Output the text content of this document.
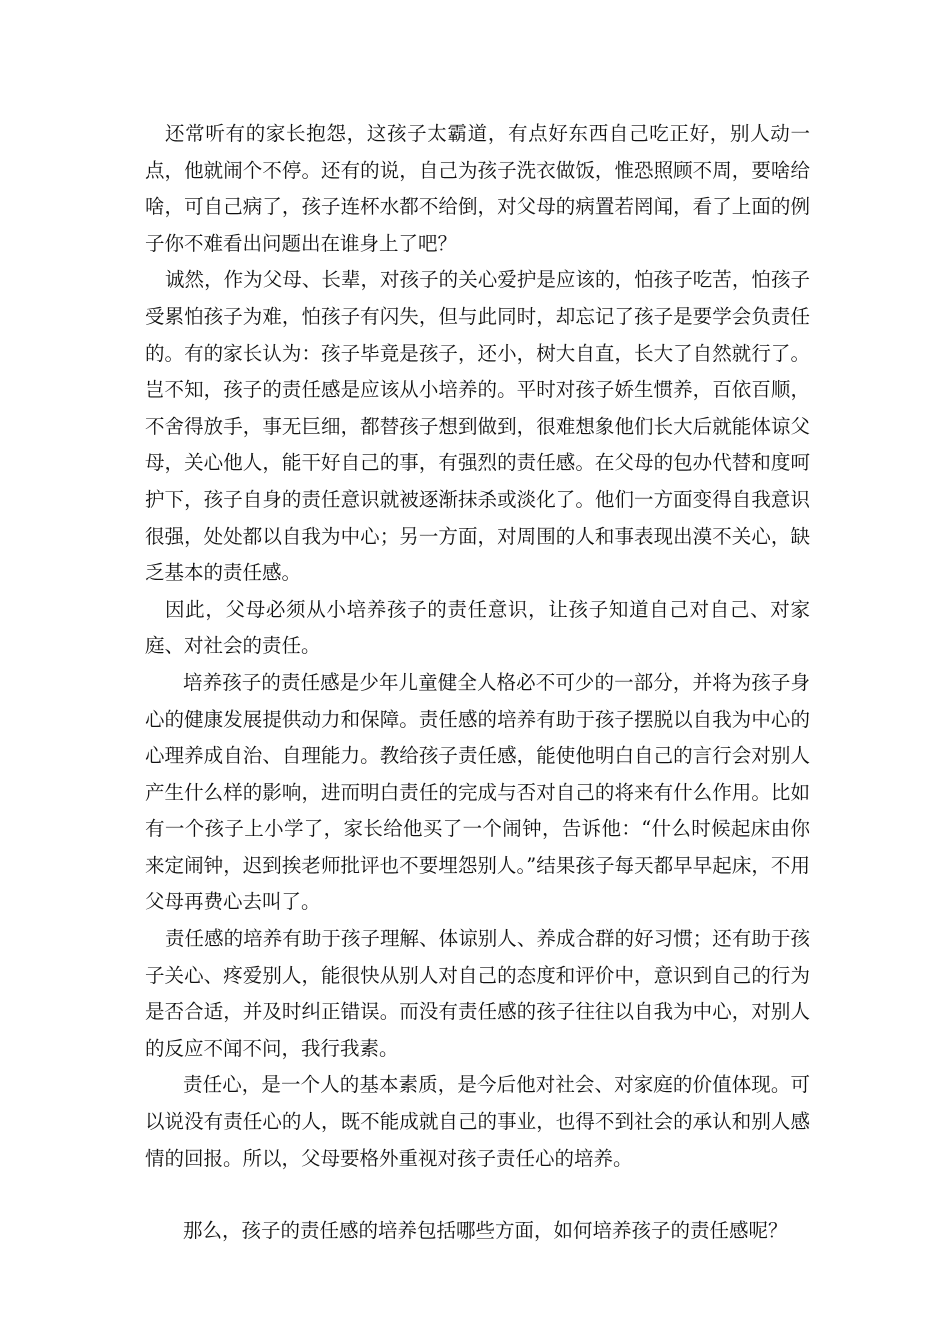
还常听有的家长抱怨，这孩子太霸道，有点好东西自己吃正好，别人动一点，他就闹个不停。还有的说，自己为孩子洗衣做饭，惟恐照顾不周，要啥给啥，可自己病了，孩子连杯水都不给倒，对父母的病置若罔闻，看了上面的例子你不难看出问题出在谁身上了吧？

诚然，作为父母、长辈，对孩子的关心爱护是应该的，怕孩子吃苦，怕孩子受累怕孩子为难，怕孩子有闪失，但与此同时，却忘记了孩子是要学会负责任的。有的家长认为：孩子毕竟是孩子，还小，树大自直，长大了自然就行了。岂不知，孩子的责任感是应该从小培养的。平时对孩子娇生惯养，百依百顺，不舍得放手，事无巨细，都替孩子想到做到，很难想象他们长大后就能体谅父母，关心他人，能干好自己的事，有强烈的责任感。在父母的包办代替和度呵护下，孩子自身的责任意识就被逐渐抹杀或淡化了。他们一方面变得自我意识很强，处处都以自我为中心；另一方面，对周围的人和事表现出漠不关心，缺乏基本的责任感。

因此，父母必须从小培养孩子的责任意识，让孩子知道自己对自己、对家庭、对社会的责任。

培养孩子的责任感是少年儿童健全人格必不可少的一部分，并将为孩子身心的健康发展提供动力和保障。责任感的培养有助于孩子摆脱以自我为中心的心理养成自治、自理能力。教给孩子责任感，能使他明白自己的言行会对别人产生什么样的影响，进而明白责任的完成与否对自己的将来有什么作用。比如有一个孩子上小学了，家长给他买了一个闹钟，告诉他：“什么时候起床由你来定闹钟，迟到挨老师批评也不要埋怨别人。”结果孩子每天都早早起床，不用父母再费心去叫了。

责任感的培养有助于孩子理解、体谅别人、养成合群的好习惯；还有助于孩子关心、疼爱别人，能很快从别人对自己的态度和评价中，意识到自己的行为是否合适，并及时纠正错误。而没有责任感的孩子往往以自我为中心，对别人的反应不闻不问，我行我素。

责任心，是一个人的基本素质，是今后他对社会、对家庭的价值体现。可以说没有责任心的人，既不能成就自己的事业，也得不到社会的承认和别人感情的回报。所以，父母要格外重视对孩子责任心的培养。

那么，孩子的责任感的培养包括哪些方面，如何培养孩子的责任感呢？
